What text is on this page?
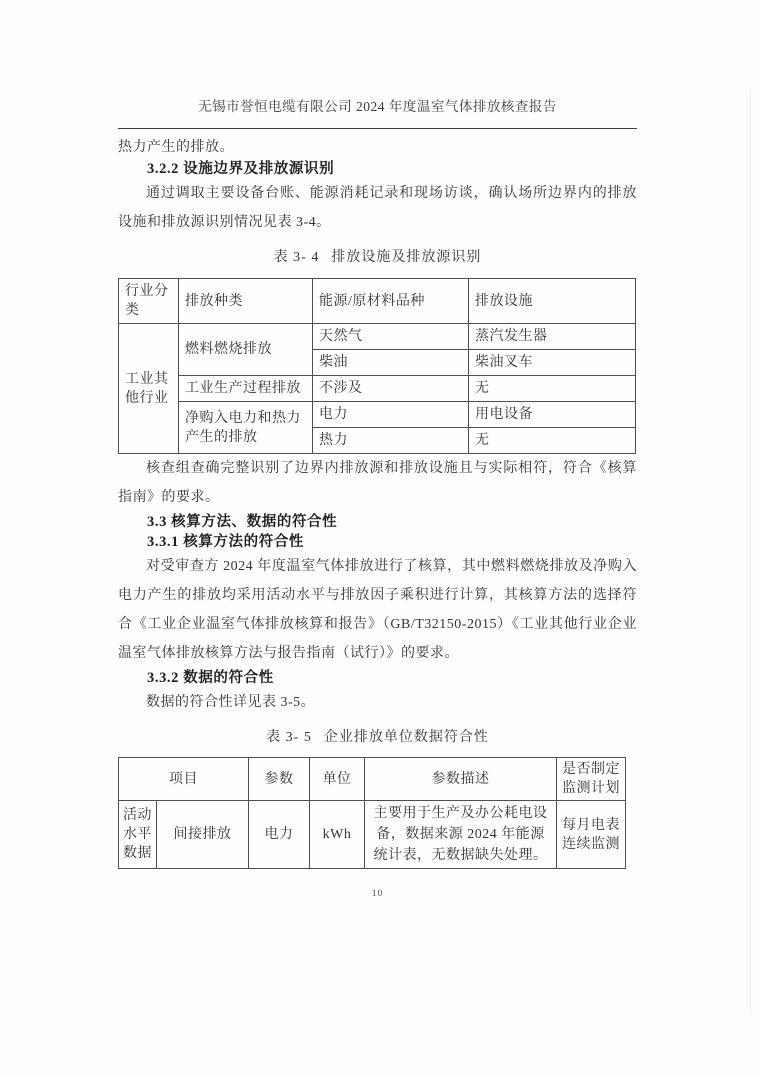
无锡市誉恒电缆有限公司 2024 年度温室气体排放核查报告
热力产生的排放。
3.2.2 设施边界及排放源识别

通过调取主要设备台账、能源消耗记录和现场访谈，确认场所边界内的排放设施和排放源识别情况见表 3-4。

表 3- 4 排放设施及排放源识别
行业分类	排放种类	能源/原材料品种	排放设施
工业其他行业	燃料燃烧排放	天然气	蒸汽发生器
		柴油	柴油叉车
	工业生产过程排放	不涉及	无
	净购入电力和热力产生的排放	电力	用电设备
		热力	无

核查组查确完整识别了边界内排放源和排放设施且与实际相符，符合《核算指南》的要求。

3.3 核算方法、数据的符合性
3.3.1 核算方法的符合性

对受审查方 2024 年度温室气体排放进行了核算，其中燃料燃烧排放及净购入电力产生的排放均采用活动水平与排放因子乘积进行计算，其核算方法的选择符合《工业企业温室气体排放核算和报告》（GB/T32150-2015）《工业其他行业企业温室气体排放核算方法与报告指南（试行）》的要求。

3.3.2 数据的符合性

数据的符合性详见表 3-5。

表 3- 5 企业排放单位数据符合性
项目		参数	单位	参数描述	是否制定监测计划
活动水平数据	间接排放	电力	kWh	主要用于生产及办公耗电设备，数据来源 2024 年能源统计表，无数据缺失处理。	每月电表连续监测
10
